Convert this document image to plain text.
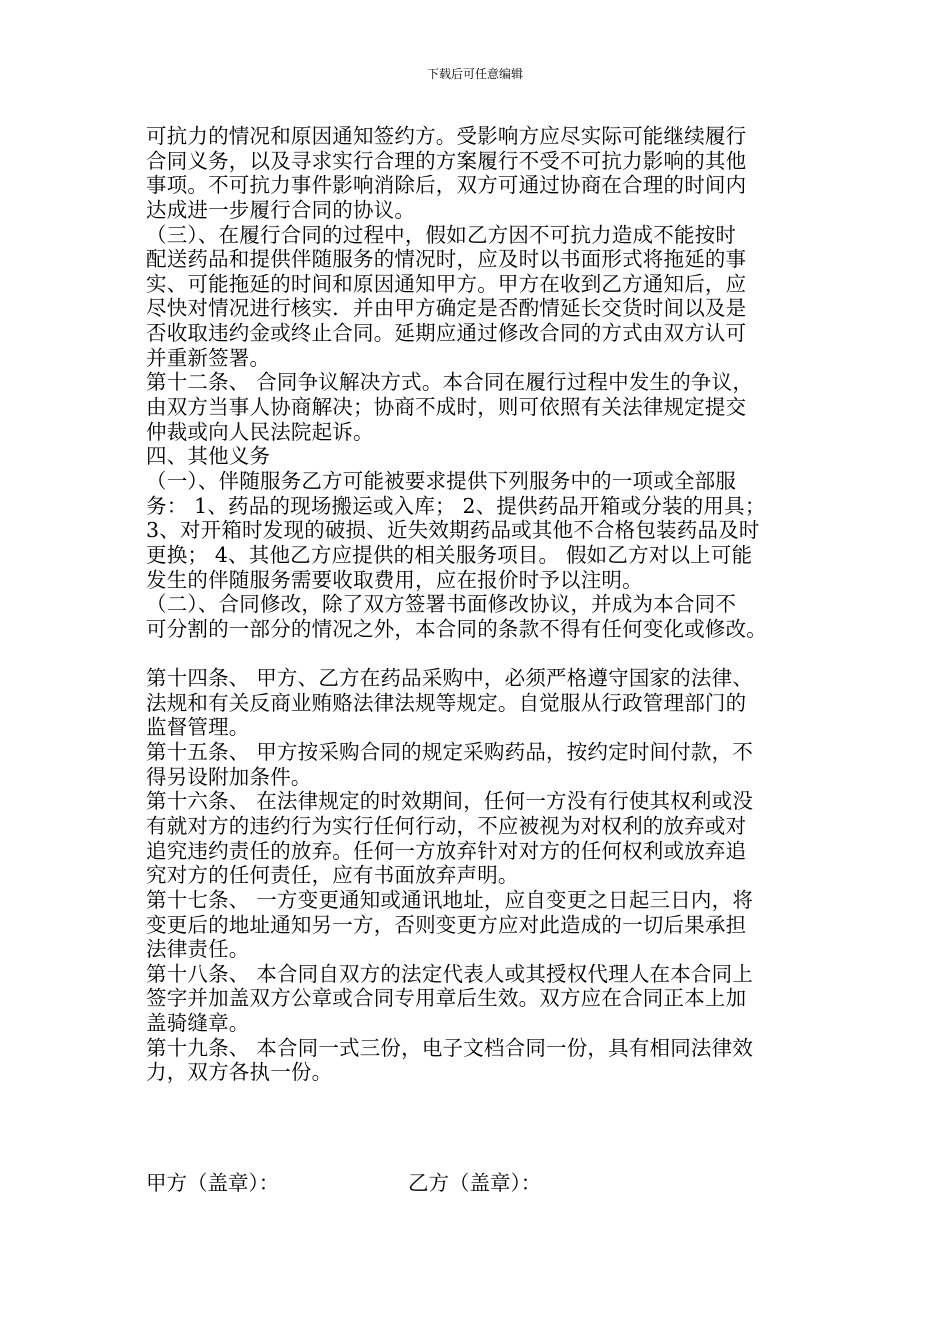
下载后可任意编辑
可抗力的情况和原因通知签约方。受影响方应尽实际可能继续履行
合同义务，以及寻求实行合理的方案履行不受不可抗力影响的其他
事项。不可抗力事件影响消除后，双方可通过协商在合理的时间内
达成进一步履行合同的协议。
（三）、在履行合同的过程中，假如乙方因不可抗力造成不能按时
配送药品和提供伴随服务的情况时，应及时以书面形式将拖延的事
实、可能拖延的时间和原因通知甲方。甲方在收到乙方通知后，应
尽快对情况进行核实．并由甲方确定是否酌情延长交货时间以及是
否收取违约金或终止合同。延期应通过修改合同的方式由双方认可
并重新签署。
第十二条、 合同争议解决方式。本合同在履行过程中发生的争议，
由双方当事人协商解决；协商不成时，则可依照有关法律规定提交
仲裁或向人民法院起诉。
四、其他义务
（一）、伴随服务乙方可能被要求提供下列服务中的一项或全部服
务： 1、药品的现场搬运或入库； 2、提供药品开箱或分装的用具；
3、对开箱时发现的破损、近失效期药品或其他不合格包装药品及时
更换； 4、其他乙方应提供的相关服务项目。 假如乙方对以上可能
发生的伴随服务需要收取费用，应在报价时予以注明。
（二）、合同修改，除了双方签署书面修改协议，并成为本合同不
可分割的一部分的情况之外，本合同的条款不得有任何变化或修改。
第十四条、 甲方、乙方在药品采购中，必须严格遵守国家的法律、
法规和有关反商业贿赂法律法规等规定。自觉服从行政管理部门的
监督管理。
第十五条、 甲方按采购合同的规定采购药品，按约定时间付款，不
得另设附加条件。
第十六条、 在法律规定的时效期间，任何一方没有行使其权利或没
有就对方的违约行为实行任何行动，不应被视为对权利的放弃或对
追究违约责任的放弃。任何一方放弃针对对方的任何权利或放弃追
究对方的任何责任，应有书面放弃声明。
第十七条、 一方变更通知或通讯地址，应自变更之日起三日内，将
变更后的地址通知另一方，否则变更方应对此造成的一切后果承担
法律责任。
第十八条、 本合同自双方的法定代表人或其授权代理人在本合同上
签字并加盖双方公章或合同专用章后生效。双方应在合同正本上加
盖骑缝章。
第十九条、 本合同一式三份，电子文档合同一份，具有相同法律效
力，双方各执一份。
甲方（盖章）：	乙方（盖章）：
